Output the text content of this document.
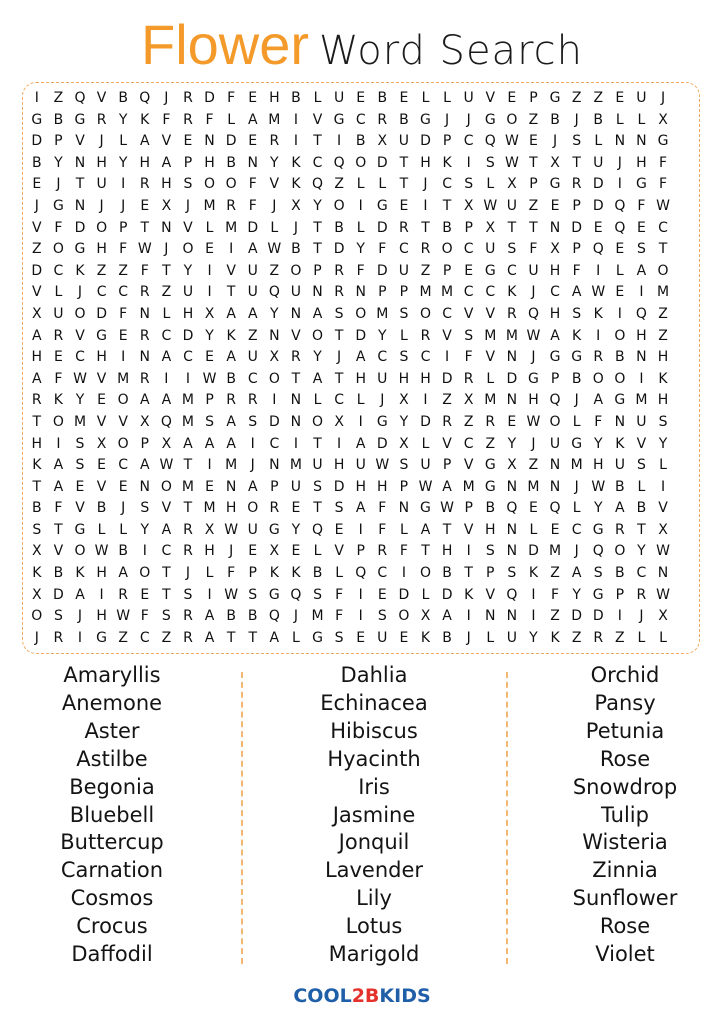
Flower Word Search
I	Z Q V B Q	J	R D F E H B L U E B E L L U V E P G Z Z E U	J
G B G R Y K F R F L A M I	V G C R B G	J	J	G O Z B	J	B L L X
D P V	J	L A V E N D E R	I	T	I	B X U D P C Q W E	J	S L N N G
B Y N H Y H A P H B N Y K C Q O D T H K	I	S W T X T U	J	H F
E	J	T U	I	R H S O O F V K Q Z L L T	J	C S L X P G R D	I	G F
J	G N	J	J	E X	J M R F	J	X Y O	I	G E	I	T X W U Z E P D Q F W
V F D O P T N V L M D L	J	T B L D R T B P X T T N D E Q E C
Z O G H F W J	O E	I	A W B T D Y F C R O C U S F X P Q E S T
D C K Z Z F T Y	I	V U Z O P R F D U Z P E G C U H F	I	L A O
V L	J	C C R Z U	I	T U Q U N R N P P M M C C K	J	C A W E	I M
X U O D F N L H X A A Y N A S O M S O C V V R Q H S K	I	Q Z
A R V G E R C D Y K Z N V O T D Y L R V S M M W A K	I	O H Z
H E C H	I	N A C E A U X R Y	J	A C S C	I	F V N	J	G G R B N H
A F W V M R	I	I W B C O T A T H U H H D R L D G P B O O	I	K
R K Y E O A A M P R R	I	N L C L	J	X	I	Z X M N H Q	J	A G M H
T O M V V X Q M S A S D N O X	I	G Y D R Z R E W O L F N U S
H	I	S X O P X A A A	I	C	I	T	I	A D X L V C Z Y	J	U G Y K V Y
K A S E C A W T	I M J	N M U H U W S U P V G X Z N M H U S L
T A E V E N O M E N A P U S D H H P W A M G N M N	J W B L	I
B F V B	J	S V T M H O R E T S A F N G W P B Q E Q L Y A B V
S T G L L Y A R X W U G Y Q E	I	F L A T V H N L E C G R T X
X V O W B	I	C R H	J	E X E L V P R F T H	I	S N D M J	Q O Y W
K B K H A O T	J	L F P K K B L Q C	I	O B T P S K Z A S B C N
X D A	I	R E T S	I W S G Q S F	I	E D L D K V Q	I	F Y G P R W
O S	J	H W F S R A B B Q	J M F	I	S O X A	I	N N	I	Z D D	I	J	X
J	R	I	G Z C Z R A T T A L G S E U E K B	J	L U Y K Z R Z L L
Amaryllis
Anemone
Aster
Astilbe
Begonia
Bluebell
Buttercup
Carnation
Cosmos
Crocus
Daffodil
Dahlia
Echinacea
Hibiscus
Hyacinth
Iris
Jasmine
Jonquil
Lavender
Lily
Lotus
Marigold
Orchid
Pansy
Petunia
Rose
Snowdrop
Tulip
Wisteria
Zinnia
Sunflower
Rose
Violet
COOL2BKIDS
